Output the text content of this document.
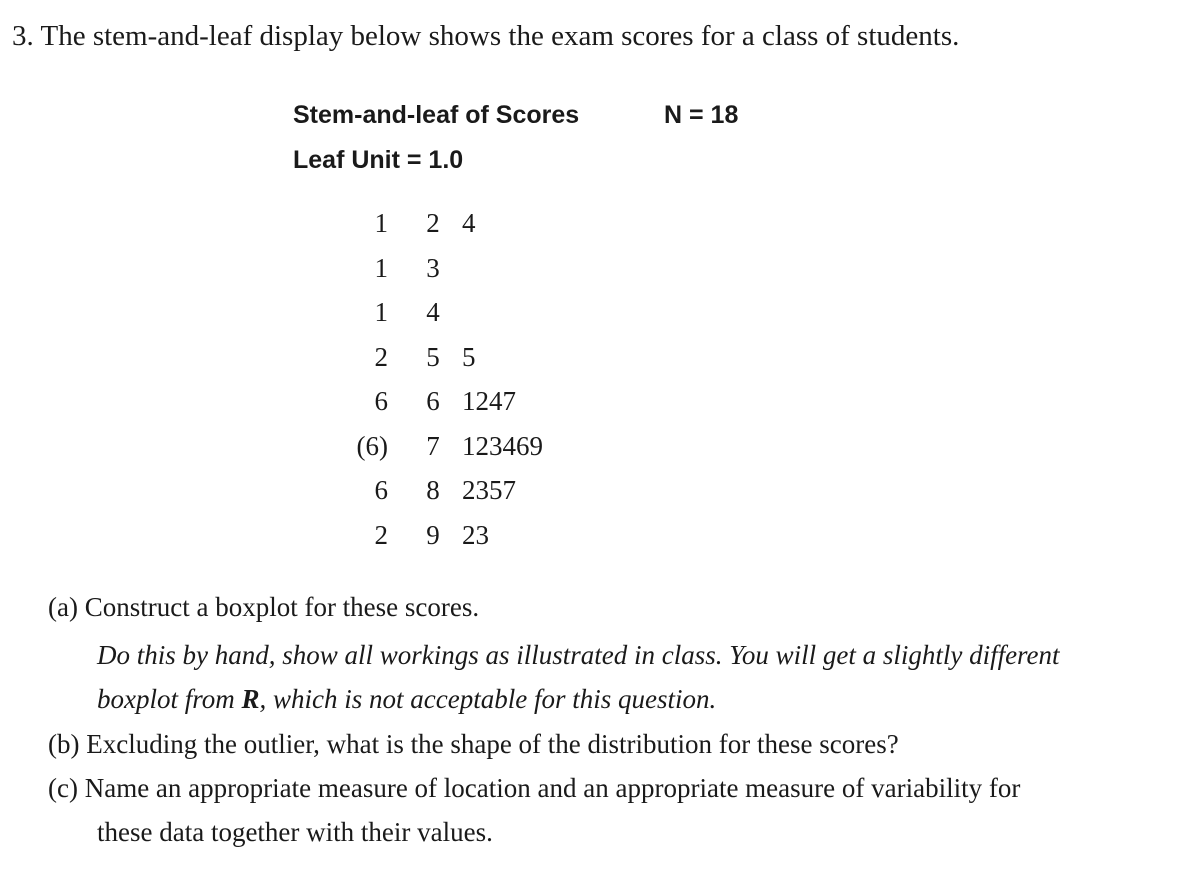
3. The stem-and-leaf display below shows the exam scores for a class of students.
Stem-and-leaf of Scores	N = 18
Leaf Unit = 1.0
1 2 4
1 3
1 4
2 5 5
6 6 1247
(6) 7 123469
6 8 2357
2 9 23
(a) Construct a boxplot for these scores.
Do this by hand, show all workings as illustrated in class. You will get a slightly different
boxplot from R, which is not acceptable for this question.
(b) Excluding the outlier, what is the shape of the distribution for these scores?
(c) Name an appropriate measure of location and an appropriate measure of variability for
these data together with their values.
